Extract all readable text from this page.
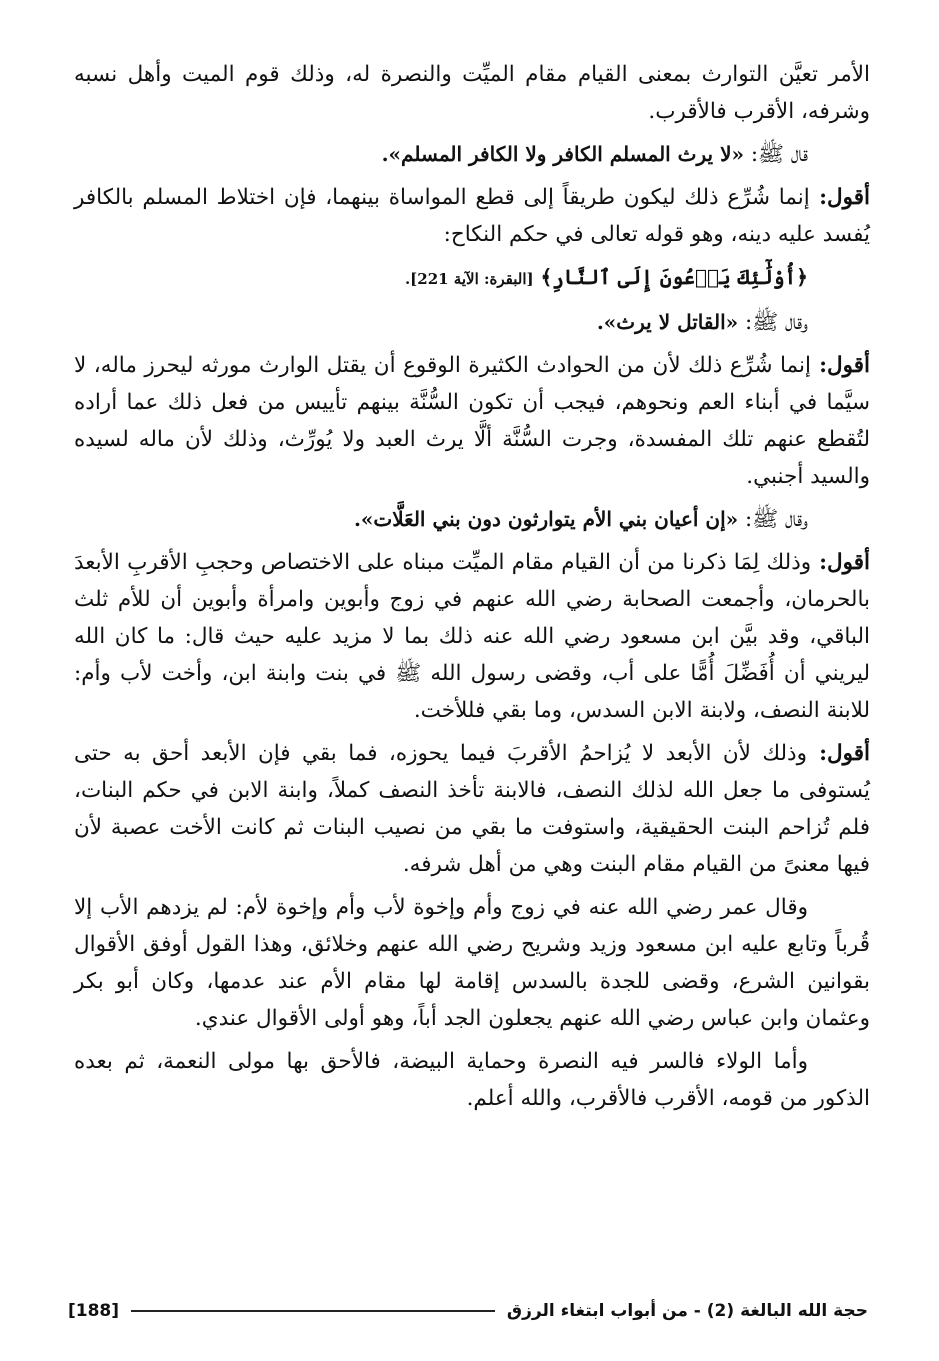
الأمر تعيَّن التوارث بمعنى القيام مقام الميِّت والنصرة له، وذلك قوم الميت وأهل نسبه وشرفه، الأقرب فالأقرب.

قال ﷺ: «لا يرث المسلم الكافر ولا الكافر المسلم».

أقول: إنما شُرِّع ذلك ليكون طريقاً إلى قطع المواساة بينهما، فإن اختلاط المسلم بالكافر يُفسد عليه دينه، وهو قوله تعالى في حكم النكاح:

﴿أُوْلَٰٓئِكَ يَدۡعُونَ إِلَى ٱلنَّارِ﴾ [البقرة: الآية 221].

وقال ﷺ: «القاتل لا يرث».

أقول: إنما شُرِّع ذلك لأن من الحوادث الكثيرة الوقوع أن يقتل الوارث مورثه ليحرز ماله، لا سيَّما في أبناء العم ونحوهم، فيجب أن تكون السُّنَّة بينهم تأييس من فعل ذلك عما أراده لتُقطع عنهم تلك المفسدة، وجرت السُّنَّة ألَّا يرث العبد ولا يُورِّث، وذلك لأن ماله لسيده والسيد أجنبي.

وقال ﷺ: «إن أعيان بني الأم يتوارثون دون بني العَلَّات».

أقول: وذلك لِمَا ذكرنا من أن القيام مقام الميِّت مبناه على الاختصاص وحجبِ الأقربِ الأبعدَ بالحرمان، وأجمعت الصحابة رضي الله عنهم في زوج وأبوين وامرأة وأبوين أن للأم ثلث الباقي، وقد بيَّن ابن مسعود رضي الله عنه ذلك بما لا مزيد عليه حيث قال: ما كان الله ليريني أن أُفَضِّلَ أُمًّا على أب، وقضى رسول الله ﷺ في بنت وابنة ابن، وأخت لأب وأم: للابنة النصف، ولابنة الابن السدس، وما بقي فللأخت.

أقول: وذلك لأن الأبعد لا يُزاحمُ الأقربَ فيما يحوزه، فما بقي فإن الأبعد أحق به حتى يُستوفى ما جعل الله لذلك النصف، فالابنة تأخذ النصف كملاً، وابنة الابن في حكم البنات، فلم تُزاحم البنت الحقيقية، واستوفت ما بقي من نصيب البنات ثم كانت الأخت عصبة لأن فيها معنىً من القيام مقام البنت وهي من أهل شرفه.

وقال عمر رضي الله عنه في زوج وأم وإخوة لأب وأم وإخوة لأم: لم يزدهم الأب إلا قُرباً وتابع عليه ابن مسعود وزيد وشريح رضي الله عنهم وخلائق، وهذا القول أوفق الأقوال بقوانين الشرع، وقضى للجدة بالسدس إقامة لها مقام الأم عند عدمها، وكان أبو بكر وعثمان وابن عباس رضي الله عنهم يجعلون الجد أباً، وهو أولى الأقوال عندي.

وأما الولاء فالسر فيه النصرة وحماية البيضة، فالأحق بها مولى النعمة، ثم بعده الذكور من قومه، الأقرب فالأقرب، والله أعلم.

حجة الله البالغة (2) - من أبواب ابتغاء الرزق
[188]
